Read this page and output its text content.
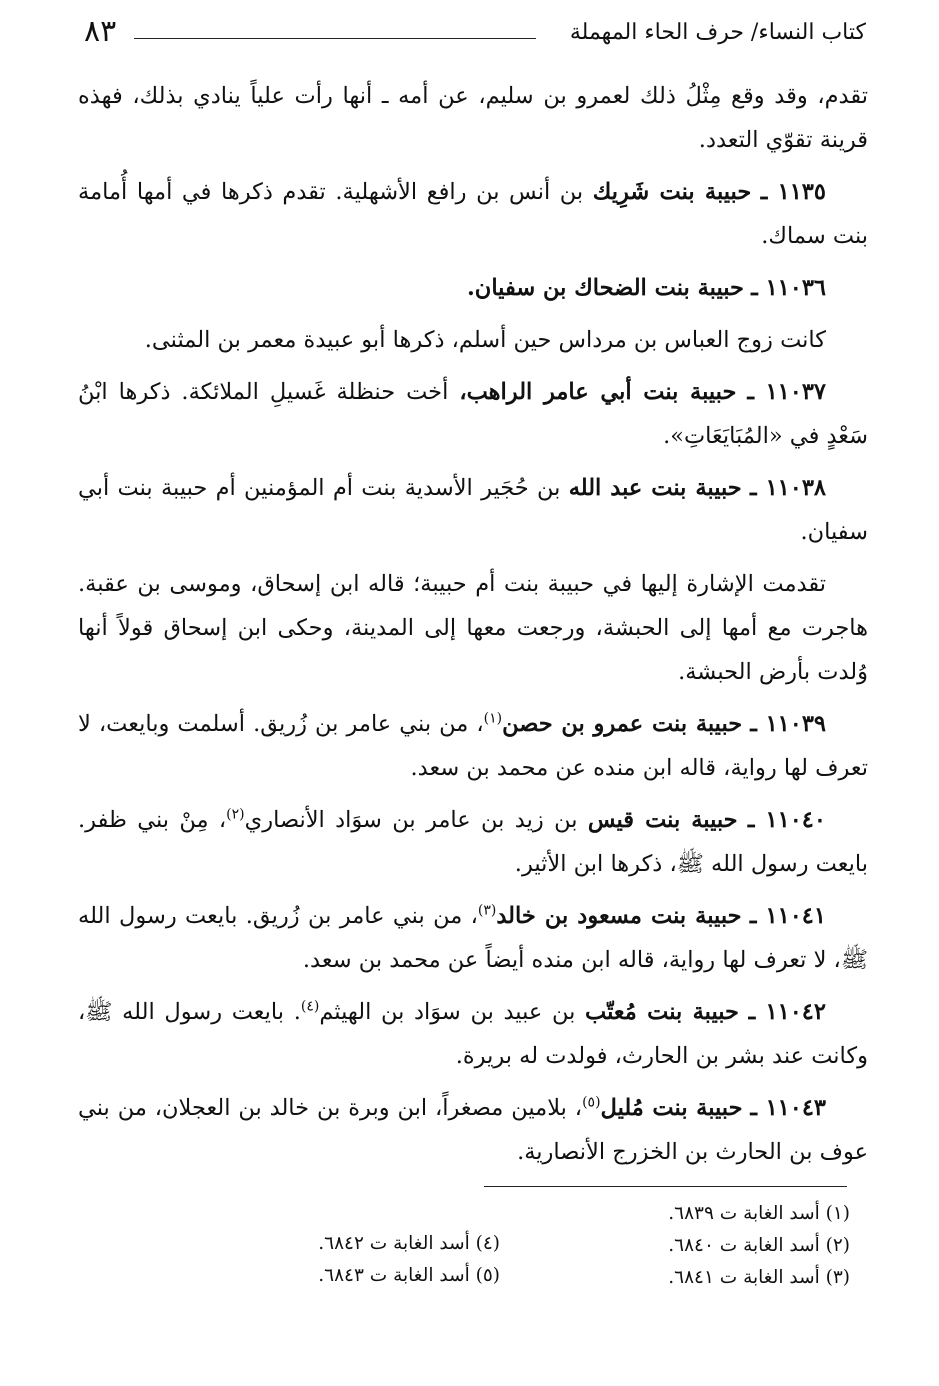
٨٣	كتاب النساء/ حرف الحاء المهملة

تقدم، وقد وقع مِثْلُ ذلك لعمرو بن سليم، عن أمه ـ أنها رأت علياً ينادي بذلك، فهذه قرينة تقوّي التعدد.

١١٣٥ ـ حبيبة بنت شَرِيك بن أنس بن رافع الأشهلية. تقدم ذكرها في أمها أُمامة بنت سماك.

١١٠٣٦ ـ حبيبة بنت الضحاك بن سفيان.

كانت زوج العباس بن مرداس حين أسلم، ذكرها أبو عبيدة معمر بن المثنى.

١١٠٣٧ ـ حبيبة بنت أبي عامر الراهب، أخت حنظلة غَسيلِ الملائكة. ذكرها ابْنُ سَعْدٍ في «المُبَايَعَاتِ».

١١٠٣٨ ـ حبيبة بنت عبد الله بن حُجَير الأسدية بنت أم المؤمنين أم حبيبة بنت أبي سفيان.

تقدمت الإشارة إليها في حبيبة بنت أم حبيبة؛ قاله ابن إسحاق، وموسى بن عقبة. هاجرت مع أمها إلى الحبشة، ورجعت معها إلى المدينة، وحكى ابن إسحاق قولاً أنها وُلدت بأرض الحبشة.

١١٠٣٩ ـ حبيبة بنت عمرو بن حصن$^{(١)}$، من بني عامر بن زُريق. أسلمت وبايعت، لا تعرف لها رواية، قاله ابن منده عن محمد بن سعد.

١١٠٤٠ ـ حبيبة بنت قيس بن زيد بن عامر بن سوَاد الأنصاري$^{(٢)}$، مِنْ بني ظفر. بايعت رسول الله ﷺ، ذكرها ابن الأثير.

١١٠٤١ ـ حبيبة بنت مسعود بن خالد$^{(٣)}$، من بني عامر بن زُريق. بايعت رسول الله ﷺ، لا تعرف لها رواية، قاله ابن منده أيضاً عن محمد بن سعد.

١١٠٤٢ ـ حبيبة بنت مُعتّب بن عبيد بن سوَاد بن الهيثم$^{(٤)}$. بايعت رسول الله ﷺ، وكانت عند بشر بن الحارث، فولدت له بريرة.

١١٠٤٣ ـ حبيبة بنت مُليل$^{(٥)}$، بلامين مصغراً، ابن وبرة بن خالد بن العجلان، من بني عوف بن الحارث بن الخزرج الأنصارية.

(١) أسد الغابة ت ٦٨٣٩.

(٢) أسد الغابة ت ٦٨٤٠.

(٣) أسد الغابة ت ٦٨٤١.

(٤) أسد الغابة ت ٦٨٤٢.

(٥) أسد الغابة ت ٦٨٤٣.
